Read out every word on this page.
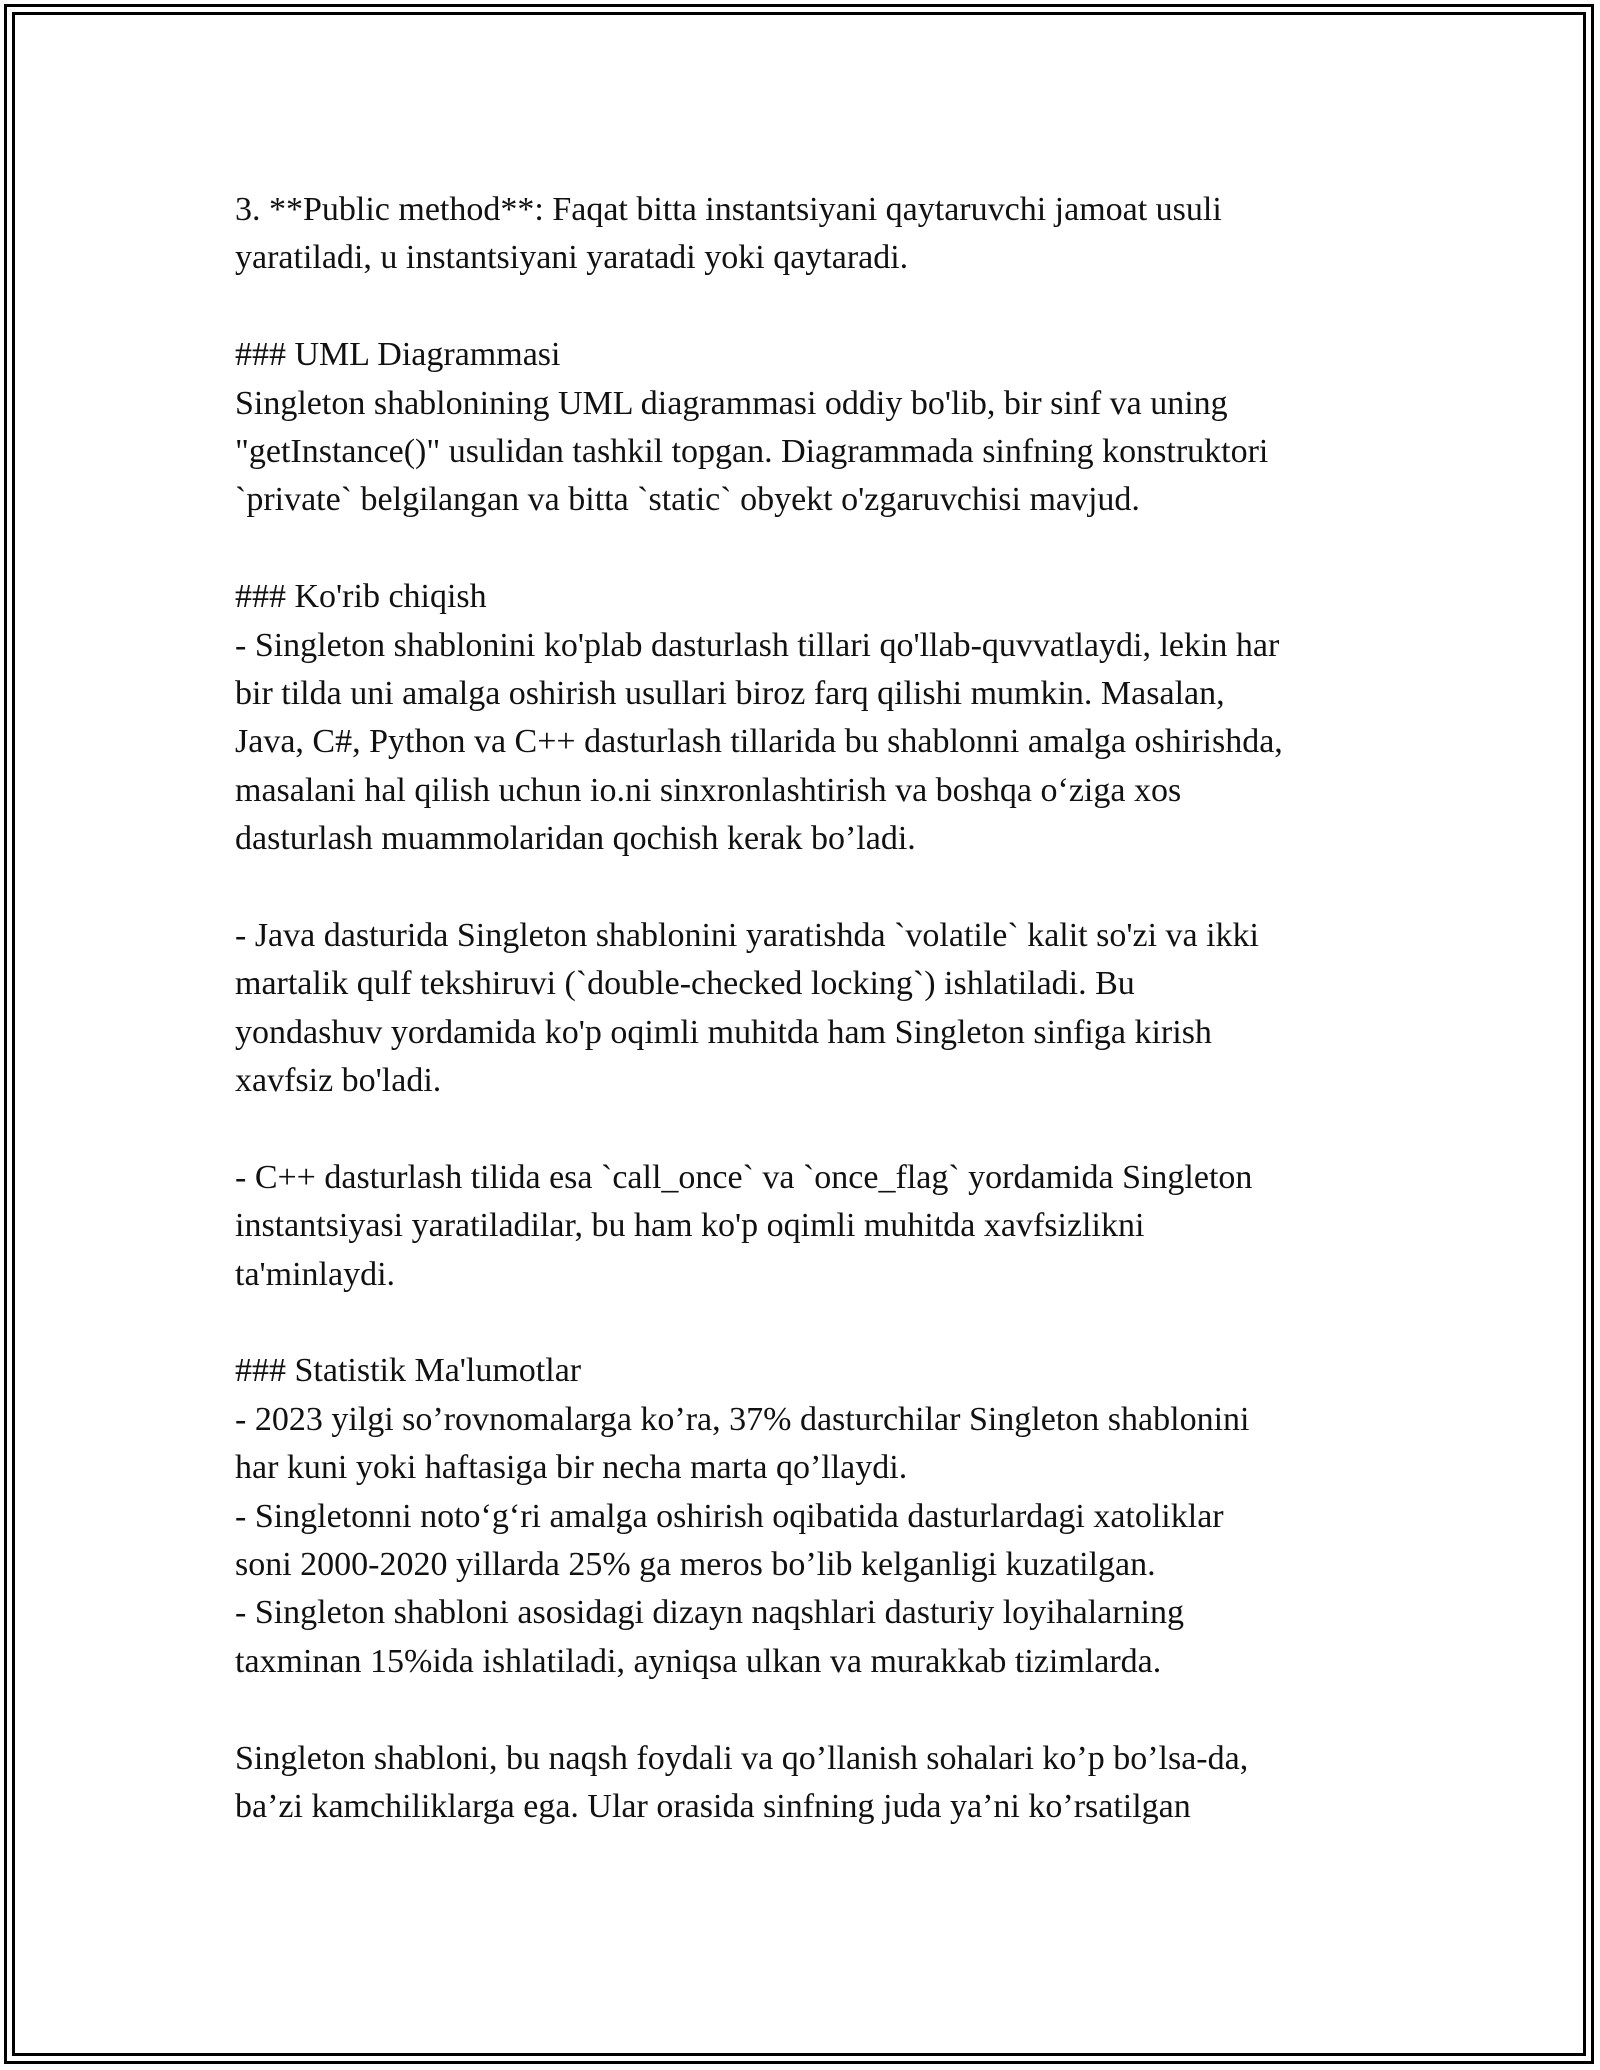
3. **Public method**: Faqat bitta instantsiyani qaytaruvchi jamoat usuli

yaratiladi, u instantsiyani yaratadi yoki qaytaradi.

### UML Diagrammasi

Singleton shablonining UML diagrammasi oddiy bo'lib, bir sinf va uning

"getInstance()" usulidan tashkil topgan. Diagrammada sinfning konstruktori

`private` belgilangan va bitta `static` obyekt o'zgaruvchisi mavjud.

### Ko'rib chiqish

- Singleton shablonini ko'plab dasturlash tillari qo'llab-quvvatlaydi, lekin har

bir tilda uni amalga oshirish usullari biroz farq qilishi mumkin. Masalan,

Java, C#, Python va C++ dasturlash tillarida bu shablonni amalga oshirishda,

masalani hal qilish uchun io.ni sinxronlashtirish va boshqa o‘ziga xos

dasturlash muammolaridan qochish kerak bo’ladi.

- Java dasturida Singleton shablonini yaratishda `volatile` kalit so'zi va ikki

martalik qulf tekshiruvi (`double-checked locking`) ishlatiladi. Bu

yondashuv yordamida ko'p oqimli muhitda ham Singleton sinfiga kirish

xavfsiz bo'ladi.

- C++ dasturlash tilida esa `call_once` va `once_flag` yordamida Singleton

instantsiyasi yaratiladilar, bu ham ko'p oqimli muhitda xavfsizlikni

ta'minlaydi.

### Statistik Ma'lumotlar

- 2023 yilgi so’rovnomalarga ko’ra, 37% dasturchilar Singleton shablonini

har kuni yoki haftasiga bir necha marta qo’llaydi.

- Singletonni noto‘g‘ri amalga oshirish oqibatida dasturlardagi xatoliklar

soni 2000-2020 yillarda 25% ga meros bo’lib kelganligi kuzatilgan.

- Singleton shabloni asosidagi dizayn naqshlari dasturiy loyihalarning

taxminan 15%ida ishlatiladi, ayniqsa ulkan va murakkab tizimlarda.

Singleton shabloni, bu naqsh foydali va qo’llanish sohalari ko’p bo’lsa-da,

ba’zi kamchiliklarga ega. Ular orasida sinfning juda ya’ni ko’rsatilgan
